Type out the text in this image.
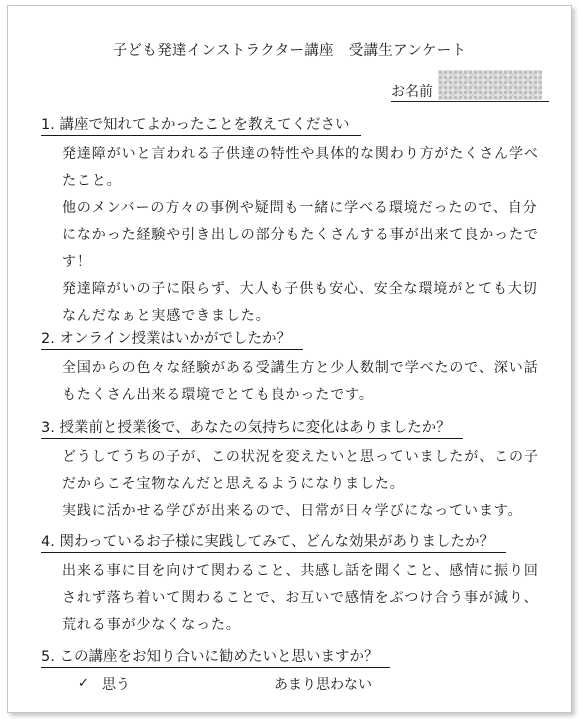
子ども発達インストラクター講座　受講生アンケート
お名前
1. 講座で知れてよかったことを教えてください
発達障がいと言われる子供達の特性や具体的な関わり方がたくさん学べ
たこと。
他のメンバーの方々の事例や疑問も一緒に学べる環境だったので、自分
になかった経験や引き出しの部分もたくさんする事が出来て良かったで
す！
発達障がいの子に限らず、大人も子供も安心、安全な環境がとても大切
なんだなぁと実感できました。
2. オンライン授業はいかがでしたか？
全国からの色々な経験がある受講生方と少人数制で学べたので、深い話
もたくさん出来る環境でとても良かったです。
3. 授業前と授業後で、あなたの気持ちに変化はありましたか？
どうしてうちの子が、この状況を変えたいと思っていましたが、この子
だからこそ宝物なんだと思えるようになりました。
実践に活かせる学びが出来るので、日常が日々学びになっています。
4. 関わっているお子様に実践してみて、どんな効果がありましたか？
出来る事に目を向けて関わること、共感し話を聞くこと、感情に振り回
されず落ち着いて関わることで、お互いで感情をぶつけ合う事が減り、
荒れる事が少なくなった。
5. この講座をお知り合いに勧めたいと思いますか？
✓ 思う	あまり思わない
